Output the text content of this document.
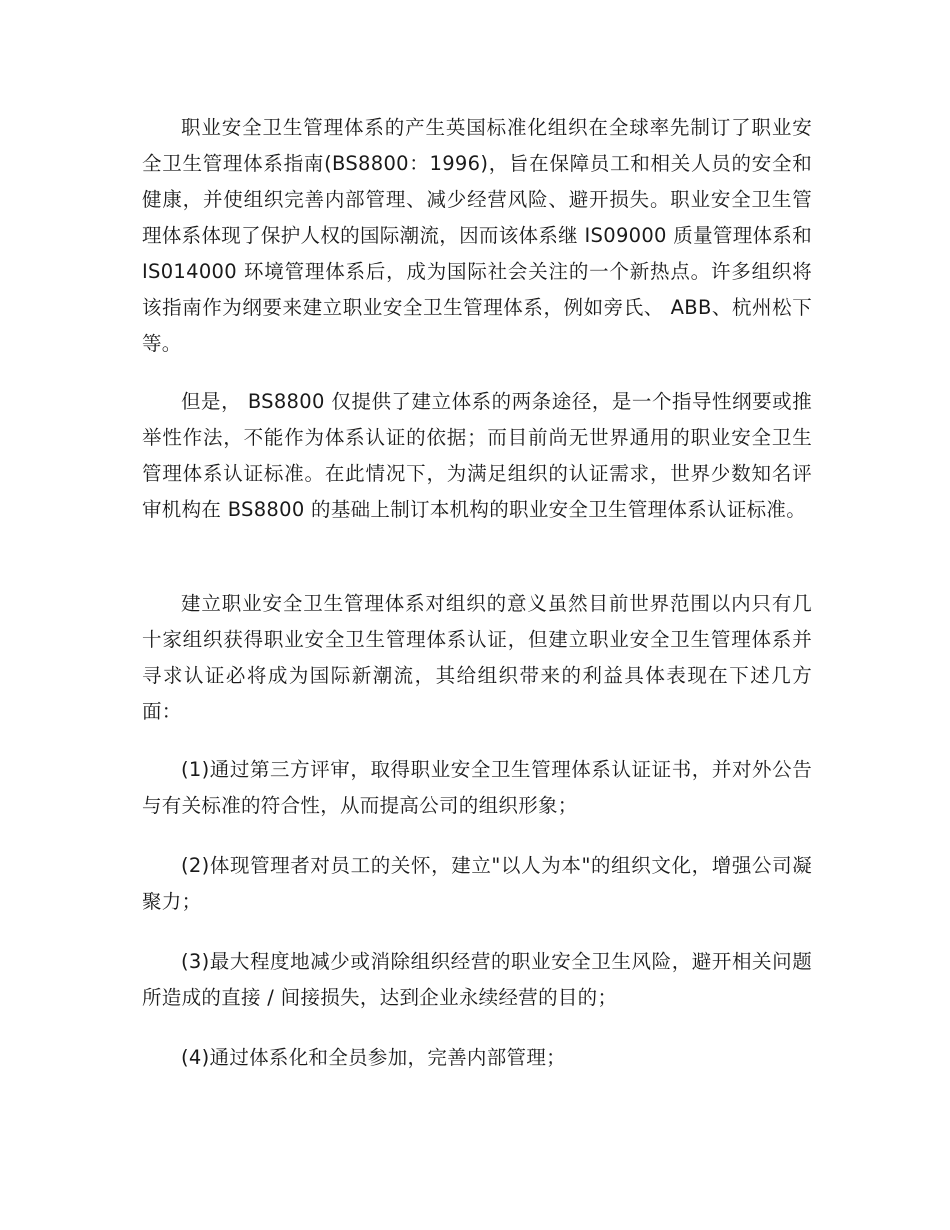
职业安全卫生管理体系的产生英国标准化组织在全球率先制订了职业安全卫生管理体系指南(BS8800：1996)，旨在保障员工和相关人员的安全和健康，并使组织完善内部管理、减少经营风险、避开损失。职业安全卫生管理体系体现了保护人权的国际潮流，因而该体系继 IS09000 质量管理体系和 IS014000 环境管理体系后，成为国际社会关注的一个新热点。许多组织将该指南作为纲要来建立职业安全卫生管理体系，例如旁氏、 ABB、杭州松下等。

但是， BS8800 仅提供了建立体系的两条途径，是一个指导性纲要或推举性作法，不能作为体系认证的依据；而目前尚无世界通用的职业安全卫生管理体系认证标准。在此情况下，为满足组织的认证需求，世界少数知名评审机构在 BS8800 的基础上制订本机构的职业安全卫生管理体系认证标准。

建立职业安全卫生管理体系对组织的意义虽然目前世界范围以内只有几十家组织获得职业安全卫生管理体系认证，但建立职业安全卫生管理体系并寻求认证必将成为国际新潮流，其给组织带来的利益具体表现在下述几方面：

(1)通过第三方评审，取得职业安全卫生管理体系认证证书，并对外公告与有关标准的符合性，从而提高公司的组织形象；

(2)体现管理者对员工的关怀，建立"以人为本"的组织文化，增强公司凝聚力；

(3)最大程度地减少或消除组织经营的职业安全卫生风险，避开相关问题所造成的直接 / 间接损失，达到企业永续经营的目的；

(4)通过体系化和全员参加，完善内部管理；
